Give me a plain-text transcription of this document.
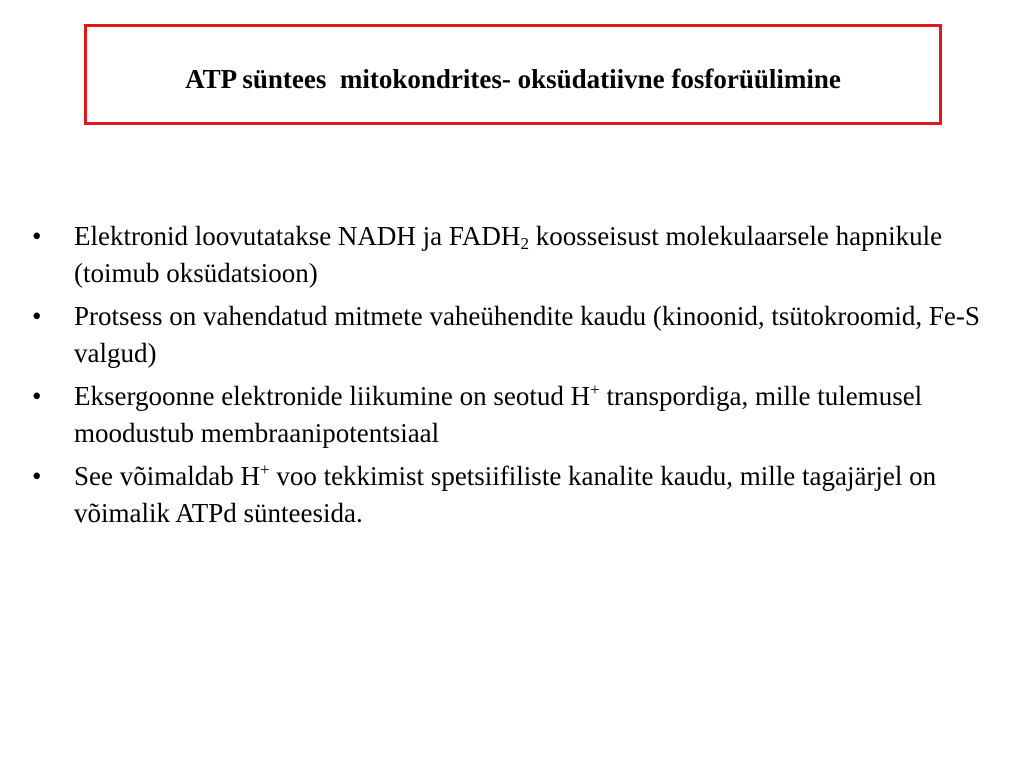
ATP süntees  mitokondrites- oksüdatiivne fosforüülimine
• Elektronid loovutatakse NADH ja $FADH_2$ koosseisust molekulaarsele hapnikule (toimub oksüdatsioon)
• Protsess on vahendatud mitmete vaheühendite kaudu (kinoonid, tsütokroomid, Fe-S valgud)
• Eksergoonne elektronide liikumine on seotud H+ transpordiga, mille tulemusel moodustub membraanipotentsiaal
• See võimaldab H+ voo tekkimist spetsiifiliste kanalite kaudu, mille tagajärjel on võimalik ATPd sünteesida.
